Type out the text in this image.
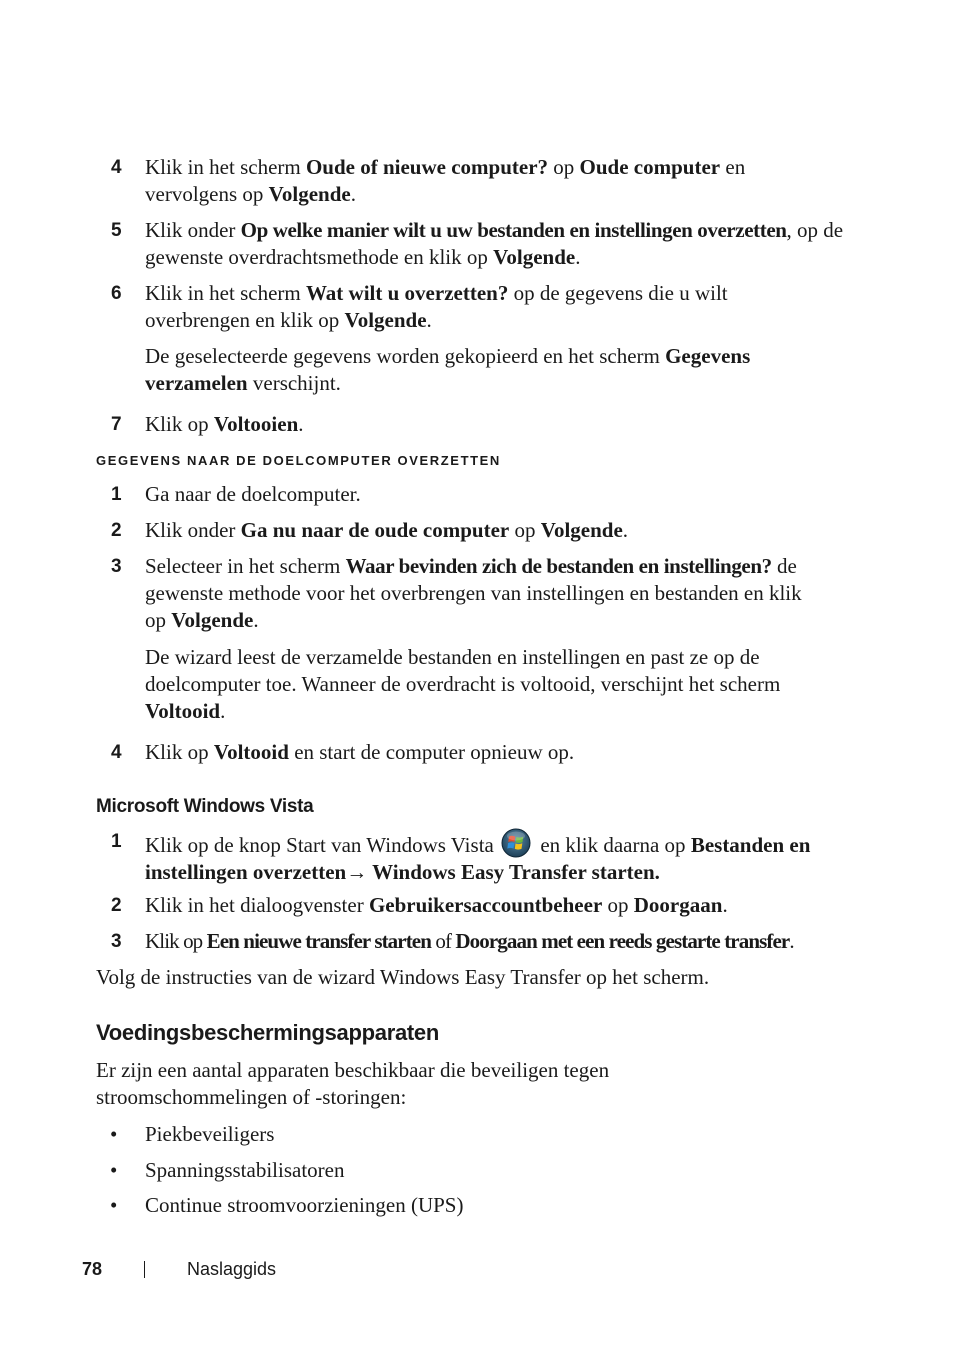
4 Klik in het scherm Oude of nieuwe computer? op Oude computer en vervolgens op Volgende.
5 Klik onder Op welke manier wilt u uw bestanden en instellingen overzetten, op de gewenste overdrachtsmethode en klik op Volgende.
6 Klik in het scherm Wat wilt u overzetten? op de gegevens die u wilt overbrengen en klik op Volgende.
De geselecteerde gegevens worden gekopieerd en het scherm Gegevens verzamelen verschijnt.
7 Klik op Voltooien.
GEGEVENS NAAR DE DOELCOMPUTER OVERZETTEN
1 Ga naar de doelcomputer.
2 Klik onder Ga nu naar de oude computer op Volgende.
3 Selecteer in het scherm Waar bevinden zich de bestanden en instellingen? de gewenste methode voor het overbrengen van instellingen en bestanden en klik op Volgende.
De wizard leest de verzamelde bestanden en instellingen en past ze op de doelcomputer toe. Wanneer de overdracht is voltooid, verschijnt het scherm Voltooid.
4 Klik op Voltooid en start de computer opnieuw op.
Microsoft Windows Vista
1 Klik op de knop Start van Windows Vista  en klik daarna op Bestanden en instellingen overzetten→ Windows Easy Transfer starten.
2 Klik in het dialoogvenster Gebruikersaccountbeheer op Doorgaan.
3 Klik op Een nieuwe transfer starten of Doorgaan met een reeds gestarte transfer.
Volg de instructies van de wizard Windows Easy Transfer op het scherm.
Voedingsbeschermingsapparaten
Er zijn een aantal apparaten beschikbaar die beveiligen tegen stroomschommelingen of -storingen:
• Piekbeveiligers
• Spanningsstabilisatoren
• Continue stroomvoorzieningen (UPS)
78	Naslaggids
